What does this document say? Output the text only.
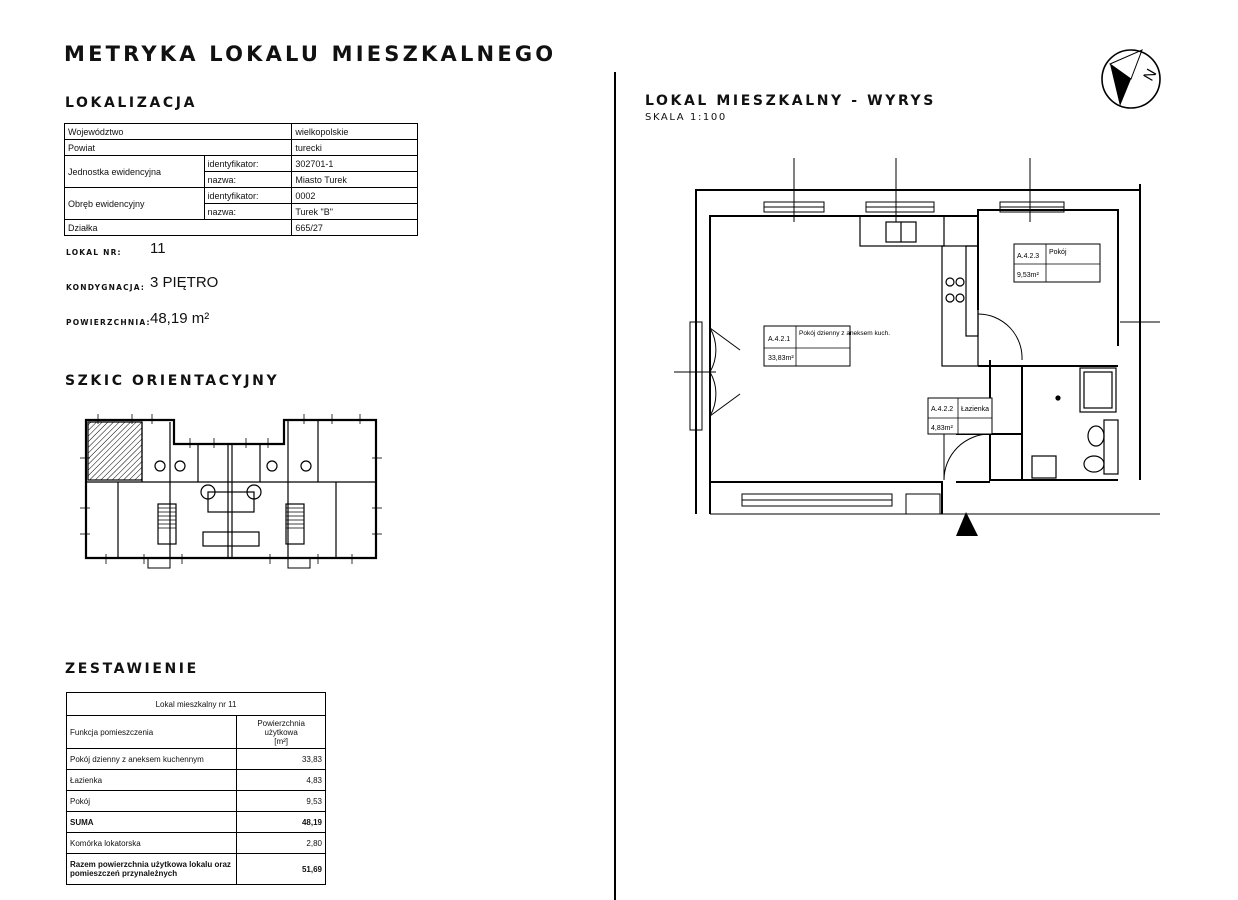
METRYKA LOKALU MIESZKALNEGO
LOKALIZACJA
Województwo		wielkopolskie
Powiat		turecki
Jednostka ewidencyjna	identyfikator:	302701-1
	nazwa:	Miasto Turek
Obręb ewidencyjny	identyfikator:	0002
	nazwa:	Turek "B"
Działka		665/27
LOKAL NR: 11
KONDYGNACJA: 3 PIĘTRO
POWIERZCHNIA: 48,19 m²
SZKIC ORIENTACYJNY
ZESTAWIENIE
Lokal mieszkalny nr 11	
Funkcja pomieszczenia	Powierzchnia użytkowa
[m²]
Pokój dzienny z aneksem kuchennym	33,83
Łazienka	4,83
Pokój	9,53
SUMA	48,19
Komórka lokatorska	2,80
Razem powierzchnia użytkowa lokalu oraz pomieszczeń przynależnych	51,69
LOKAL MIESZKALNY - WYRYS
SKALA 1:100
N
A.4.2.1
Pokój dzienny z aneksem kuch.
33,83m²
A.4.2.2 Łazienka
4,83m²
A.4.2.3
Pokój
9,53m²
